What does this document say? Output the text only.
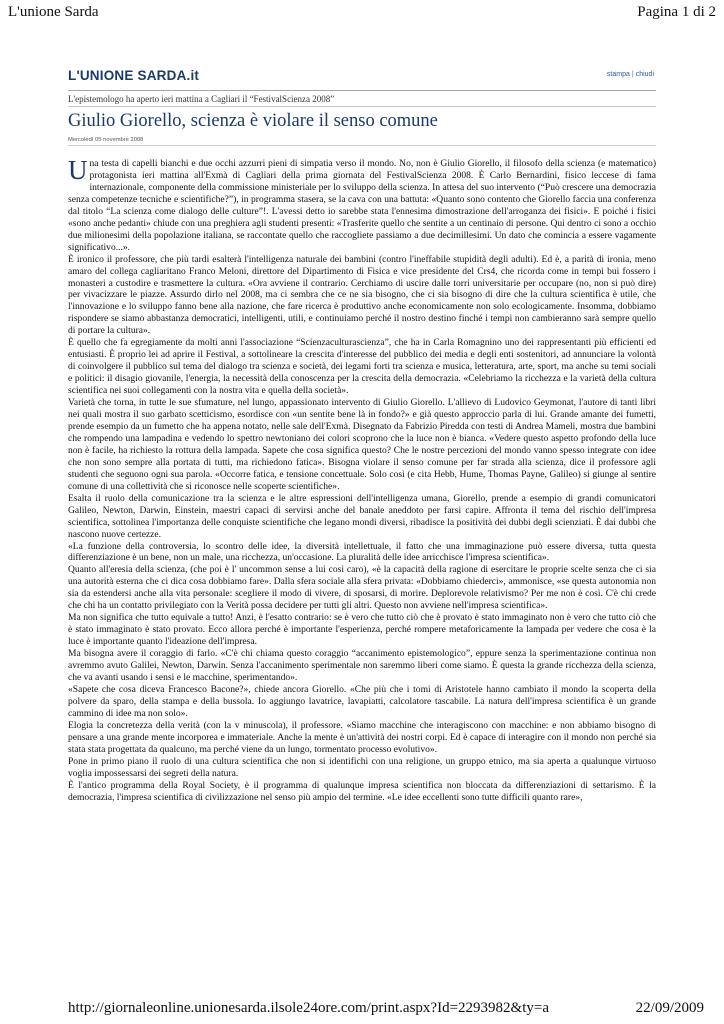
L'unione Sarda	Pagina 1 di 2
L'UNIONE SARDA.it	stampa | chiudi
L'epistemologo ha aperto ieri mattina a Cagliari il “FestivalScienza 2008”
Giulio Giorello, scienza è violare il senso comune
Mercoledì 05 novembre 2008

Una testa di capelli bianchi e due occhi azzurri pieni di simpatia verso il mondo. No, non è Giulio Giorello, il filosofo della scienza (e matematico) protagonista ieri mattina all'Exmà di Cagliari della prima giornata del FestivalScienza 2008. È Carlo Bernardini, fisico leccese di fama internazionale, componente della commissione ministeriale per lo sviluppo della scienza. In attesa del suo intervento (“Può crescere una democrazia senza competenze tecniche e scientifiche?”), in programma stasera, se la cava con una battuta: «Quanto sono contento che Giorello faccia una conferenza dal titolo “La scienza come dialogo delle culture”!. L'avessi detto io sarebbe stata l'ennesima dimostrazione dell'arroganza dei fisici». E poiché i fisici «sono anche pedanti» chiude con una preghiera agli studenti presenti: «Trasferite quello che sentite a un centinaio di persone. Qui dentro ci sono a occhio due milionesimi della popolazione italiana, se raccontate quello che raccogliete passiamo a due decimillesimi. Un dato che comincia a essere vagamente significativo...».

È ironico il professore, che più tardi esalterà l'intelligenza naturale dei bambini (contro l'ineffabile stupidità degli adulti). Ed è, a parità di ironia, meno amaro del collega cagliaritano Franco Meloni, direttore del Dipartimento di Fisica e vice presidente del Crs4, che ricorda come in tempi bui fossero i monasteri a custodire e trasmettere la cultura. «Ora avviene il contrario. Cerchiamo di uscire dalle torri universitarie per occupare (no, non si può dire) per vivacizzare le piazze. Assurdo dirlo nel 2008, ma ci sembra che ce ne sia bisogno, che ci sia bisogno di dire che la cultura scientifica è utile, che l'innovazione e lo sviluppo fanno bene alla nazione, che fare ricerca è produttivo anche economicamente non solo ecologicamente. Insomma, dobbiamo rispondere se siamo abbastanza democratici, intelligenti, utili, e continuiamo perché il nostro destino finché i tempi non cambieranno sarà sempre quello di portare la cultura».

È quello che fa egregiamente da molti anni l'associazione “Scienzaculturascienza”, che ha in Carla Romagnino uno dei rappresentanti più efficienti ed entusiasti. È proprio lei ad aprire il Festival, a sottolineare la crescita d'interesse del pubblico dei media e degli enti sostenitori, ad annunciare la volontà di coinvolgere il pubblico sul tema del dialogo tra scienza e società, dei legami forti tra scienza e musica, letteratura, arte, sport, ma anche su temi sociali e politici: il disagio giovanile, l'energia, la necessità della conoscenza per la crescita della democrazia. «Celebriamo la ricchezza e la varietà della cultura scientifica nei suoi collegamenti con la nostra vita e quella della società».

Varietà che torna, in tutte le sue sfumature, nel lungo, appassionato intervento di Giulio Giorello. L'allievo di Ludovico Geymonat, l'autore di tanti libri nei quali mostra il suo garbato scetticismo, esordisce con «un sentite bene là in fondo?» e già questo approccio parla di lui. Grande amante dei fumetti, prende esempio da un fumetto che ha appena notato, nelle sale dell'Exmà. Disegnato da Fabrizio Piredda con testi di Andrea Mameli, mostra due bambini che rompendo una lampadina e vedendo lo spettro newtoniano dei colori scoprono che la luce non è bianca. «Vedere questo aspetto profondo della luce non è facile, ha richiesto la rottura della lampada. Sapete che cosa significa questo? Che le nostre percezioni del mondo vanno spesso integrate con idee che non sono sempre alla portata di tutti, ma richiedono fatica». Bisogna violare il senso comune per far strada alla scienza, dice il professore agli studenti che seguono ogni sua parola. «Occorre fatica, e tensione concettuale. Solo così (e cita Hebb, Hume, Thomas Payne, Galileo) si giunge al sentire comune di una collettività che si riconosce nelle scoperte scientifiche».

Esalta il ruolo della comunicazione tra la scienza e le altre espressioni dell'intelligenza umana, Giorello, prende a esempio di grandi comunicatori Galileo, Newton, Darwin, Einstein, maestri capaci di servirsi anche del banale aneddoto per farsi capire. Affronta il tema del rischio dell'impresa scientifica, sottolinea l'importanza delle conquiste scientifiche che legano mondi diversi, ribadisce la positività dei dubbi degli scienziati. È dai dubbi che nascono nuove certezze.

«La funzione della controversia, lo scontro delle idee, la diversità intellettuale, il fatto che una immaginazione può essere diversa, tutta questa differenziazione è un bene, non un male, una ricchezza, un'occasione. La pluralità delle idee arricchisce l'impresa scientifica».

Quanto all'eresia della scienza, (che poi è l' uncommon sense a lui così caro), «è la capacità della ragione di esercitare le proprie scelte senza che ci sia una autorità esterna che ci dica cosa dobbiamo fare». Dalla sfera sociale alla sfera privata: «Dobbiamo chiederci», ammonisce, «se questa autonomia non sia da estendersi anche alla vita personale: scegliere il modo di vivere, di sposarsi, di morire. Deplorevole relativismo? Per me non è così. C'è chi crede che chi ha un contatto privilegiato con la Verità possa decidere per tutti gli altri. Questo non avviene nell'impresa scientifica».

Ma non significa che tutto equivale a tutto! Anzi, è l'esatto contrario: se è vero che tutto ciò che è provato è stato immaginato non è vero che tutto ciò che è stato immaginato è stato provato. Ecco allora perché è importante l'esperienza, perché rompere metaforicamente la lampada per vedere che cosa è la luce è importante quanto l'ideazione dell'impresa.

Ma bisogna avere il coraggio di farlo. «C'è chi chiama questo coraggio “accanimento epistemologico”, eppure senza la sperimentazione continua non avremmo avuto Galilei, Newton, Darwin. Senza l'accanimento sperimentale non saremmo liberi come siamo. È questa la grande ricchezza della scienza, che va avanti usando i sensi e le macchine, sperimentando».

«Sapete che cosa diceva Francesco Bacone?», chiede ancora Giorello. «Che più che i tomi di Aristotele hanno cambiato il mondo la scoperta della polvere da sparo, della stampa e della bussola. Io aggiungo lavatrice, lavapiatti, calcolatore tascabile. La natura dell'impresa scientifica è un grande cammino di idee ma non solo».

Elogia la concretezza della verità (con la v minuscola), il professore. «Siamo macchine che interagiscono con macchine: e non abbiamo bisogno di pensare a una grande mente incorporea e immateriale. Anche la mente è un'attività dei nostri corpi. Ed è capace di interagire con il mondo non perché sia stata stata progettata da qualcuno, ma perché viene da un lungo, tormentato processo evolutivo».

Pone in primo piano il ruolo di una cultura scientifica che non si identifichi con una religione, un gruppo etnico, ma sia aperta a qualunque virtuoso voglia impossessarsi dei segreti della natura.

È l'antico programma della Royal Society, è il programma di qualunque impresa scientifica non bloccata da differenziazioni di settarismo. È la democrazia, l'impresa scientifica di civilizzazione nel senso più ampio del termine. «Le idee eccellenti sono tutte difficili quanto rare»,

http://giornaleonline.unionesarda.ilsole24ore.com/print.aspx?Id=2293982&ty=a	22/09/2009
